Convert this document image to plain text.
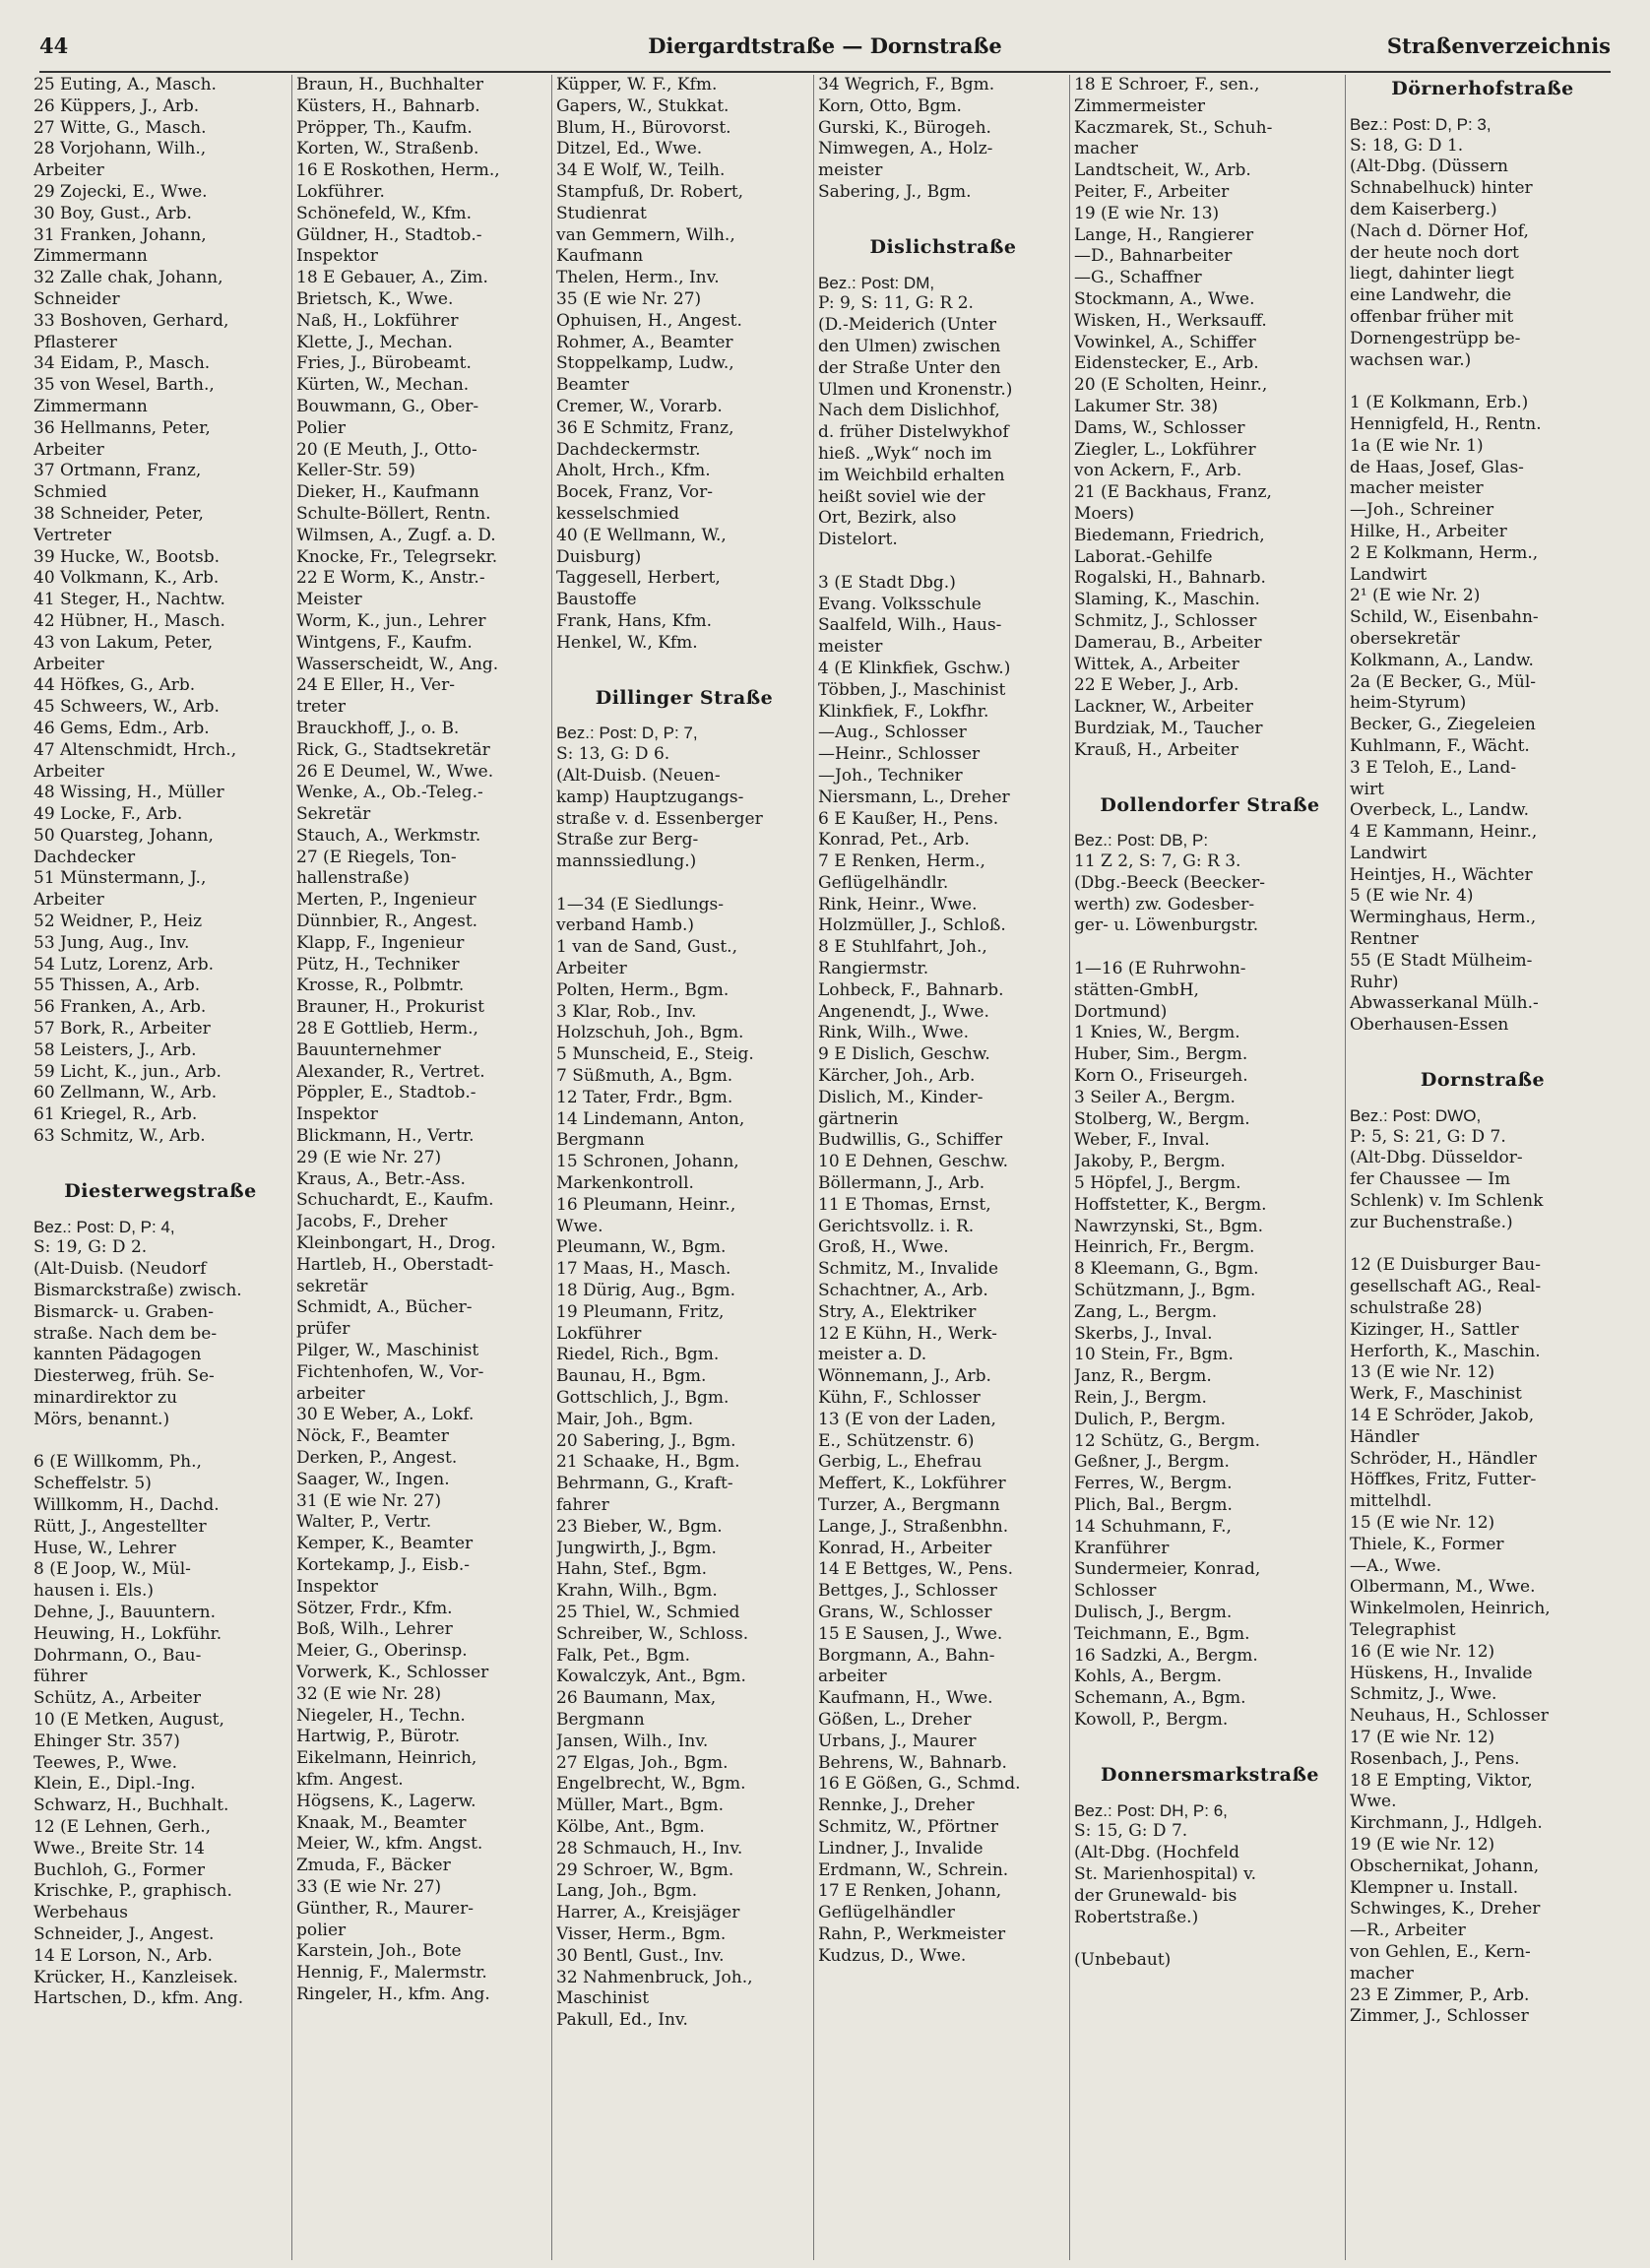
44	Diergardtstraße — Dornstraße	Straßenverzeichnis
25 Euting, A., Masch.
26 Küppers, J., Arb.
27 Witte, G., Masch.
28 Vorjohann, Wilh.,
Arbeiter
29 Zojecki, E., Wwe.
30 Boy, Gust., Arb.
31 Franken, Johann,
Zimmermann
32 Zalle chak, Johann,
Schneider
33 Boshoven, Gerhard,
Pflasterer
34 Eidam, P., Masch.
35 von Wesel, Barth.,
Zimmermann
36 Hellmanns, Peter,
Arbeiter
37 Ortmann, Franz,
Schmied
38 Schneider, Peter,
Vertreter
39 Hucke, W., Bootsb.
40 Volkmann, K., Arb.
41 Steger, H., Nachtw.
42 Hübner, H., Masch.
43 von Lakum, Peter,
Arbeiter
44 Höfkes, G., Arb.
45 Schweers, W., Arb.
46 Gems, Edm., Arb.
47 Altenschmidt, Hrch.,
Arbeiter
48 Wissing, H., Müller
49 Locke, F., Arb.
50 Quarsteg, Johann,
Dachdecker
51 Münstermann, J.,
Arbeiter
52 Weidner, P., Heiz
53 Jung, Aug., Inv.
54 Lutz, Lorenz, Arb.
55 Thissen, A., Arb.
56 Franken, A., Arb.
57 Bork, R., Arbeiter
58 Leisters, J., Arb.
59 Licht, K., jun., Arb.
60 Zellmann, W., Arb.
61 Kriegel, R., Arb.
63 Schmitz, W., Arb.
Diesterwegstraße
Bez.: Post: D, P: 4,
S: 19, G: D 2.
(Alt-Duisb. (Neudorf
Bismarckstraße) zwisch.
Bismarck- u. Graben-
straße. Nach dem be-
kannten Pädagogen
Diesterweg, früh. Se-
minardirektor zu
Mörs, benannt.)

6 (E Willkomm, Ph.,
Scheffelstr. 5)
Willkomm, H., Dachd.
Rütt, J., Angestellter
Huse, W., Lehrer
8 (E Joop, W., Mül-
hausen i. Els.)
Dehne, J., Bauuntern.
Heuwing, H., Lokführ.
Dohrmann, O., Bau-
führer
Schütz, A., Arbeiter
10 (E Metken, August,
Ehinger Str. 357)
Teewes, P., Wwe.
Klein, E., Dipl.-Ing.
Schwarz, H., Buchhalt.
12 (E Lehnen, Gerh.,
Wwe., Breite Str. 14
Buchloh, G., Former
Krischke, P., graphisch.
Werbehaus
Schneider, J., Angest.
14 E Lorson, N., Arb.
Krücker, H., Kanzleisek.
Hartschen, D., kfm. Ang.
Braun, H., Buchhalter
Küsters, H., Bahnarb.
Pröpper, Th., Kaufm.
Korten, W., Straßenb.
16 E Roskothen, Herm.,
Lokführer.
Schönefeld, W., Kfm.
Güldner, H., Stadtob.-
Inspektor
18 E Gebauer, A., Zim.
Brietsch, K., Wwe.
Naß, H., Lokführer
Klette, J., Mechan.
Fries, J., Bürobeamt.
Kürten, W., Mechan.
Bouwmann, G., Ober-
Polier
20 (E Meuth, J., Otto-
Keller-Str. 59)
Dieker, H., Kaufmann
Schulte-Böllert, Rentn.
Wilmsen, A., Zugf. a. D.
Knocke, Fr., Telegrsekr.
22 E Worm, K., Anstr.-
Meister
Worm, K., jun., Lehrer
Wintgens, F., Kaufm.
Wasserscheidt, W., Ang.
24 E Eller, H., Ver-
treter
Brauckhoff, J., o. B.
Rick, G., Stadtsekretär
26 E Deumel, W., Wwe.
Wenke, A., Ob.-Teleg.-
Sekretär
Stauch, A., Werkmstr.
27 (E Riegels, Ton-
hallenstraße)
Merten, P., Ingenieur
Dünnbier, R., Angest.
Klapp, F., Ingenieur
Pütz, H., Techniker
Krosse, R., Polbmtr.
Brauner, H., Prokurist
28 E Gottlieb, Herm.,
Bauunternehmer
Alexander, R., Vertret.
Pöppler, E., Stadtob.-
Inspektor
Blickmann, H., Vertr.
29 (E wie Nr. 27)
Kraus, A., Betr.-Ass.
Schuchardt, E., Kaufm.
Jacobs, F., Dreher
Kleinbongart, H., Drog.
Hartleb, H., Oberstadt-
sekretär
Schmidt, A., Bücher-
prüfer
Pilger, W., Maschinist
Fichtenhofen, W., Vor-
arbeiter
30 E Weber, A., Lokf.
Nöck, F., Beamter
Derken, P., Angest.
Saager, W., Ingen.
31 (E wie Nr. 27)
Walter, P., Vertr.
Kemper, K., Beamter
Kortekamp, J., Eisb.-
Inspektor
Sötzer, Frdr., Kfm.
Boß, Wilh., Lehrer
Meier, G., Oberinsp.
Vorwerk, K., Schlosser
32 (E wie Nr. 28)
Niegeler, H., Techn.
Hartwig, P., Bürotr.
Eikelmann, Heinrich,
kfm. Angest.
Högsens, K., Lagerw.
Knaak, M., Beamter
Meier, W., kfm. Angst.
Zmuda, F., Bäcker
33 (E wie Nr. 27)
Günther, R., Maurer-
polier
Karstein, Joh., Bote
Hennig, F., Malermstr.
Ringeler, H., kfm. Ang.
Küpper, W. F., Kfm.
Gapers, W., Stukkat.
Blum, H., Bürovorst.
Ditzel, Ed., Wwe.
34 E Wolf, W., Teilh.
Stampfuß, Dr. Robert,
Studienrat
van Gemmern, Wilh.,
Kaufmann
Thelen, Herm., Inv.
35 (E wie Nr. 27)
Ophuisen, H., Angest.
Rohmer, A., Beamter
Stoppelkamp, Ludw.,
Beamter
Cremer, W., Vorarb.
36 E Schmitz, Franz,
Dachdeckermstr.
Aholt, Hrch., Kfm.
Bocek, Franz, Vor-
kesselschmied
40 (E Wellmann, W.,
Duisburg)
Taggesell, Herbert,
Baustoffe
Frank, Hans, Kfm.
Henkel, W., Kfm.
Dillinger Straße
Bez.: Post: D, P: 7,
S: 13, G: D 6.
(Alt-Duisb. (Neuen-
kamp) Hauptzugangs-
straße v. d. Essenberger
Straße zur Berg-
mannssiedlung.)

1—34 (E Siedlungs-
verband Hamb.)
1 van de Sand, Gust.,
Arbeiter
Polten, Herm., Bgm.
3 Klar, Rob., Inv.
Holzschuh, Joh., Bgm.
5 Munscheid, E., Steig.
7 Süßmuth, A., Bgm.
12 Tater, Frdr., Bgm.
14 Lindemann, Anton,
Bergmann
15 Schronen, Johann,
Markenkontroll.
16 Pleumann, Heinr.,
Wwe.
Pleumann, W., Bgm.
17 Maas, H., Masch.
18 Dürig, Aug., Bgm.
19 Pleumann, Fritz,
Lokführer
Riedel, Rich., Bgm.
Baunau, H., Bgm.
Gottschlich, J., Bgm.
Mair, Joh., Bgm.
20 Sabering, J., Bgm.
21 Schaake, H., Bgm.
Behrmann, G., Kraft-
fahrer
23 Bieber, W., Bgm.
Jungwirth, J., Bgm.
Hahn, Stef., Bgm.
Krahn, Wilh., Bgm.
25 Thiel, W., Schmied
Schreiber, W., Schloss.
Falk, Pet., Bgm.
Kowalczyk, Ant., Bgm.
26 Baumann, Max,
Bergmann
Jansen, Wilh., Inv.
27 Elgas, Joh., Bgm.
Engelbrecht, W., Bgm.
Müller, Mart., Bgm.
Kölbe, Ant., Bgm.
28 Schmauch, H., Inv.
29 Schroer, W., Bgm.
Lang, Joh., Bgm.
Harrer, A., Kreisjäger
Visser, Herm., Bgm.
30 Bentl, Gust., Inv.
32 Nahmenbruck, Joh.,
Maschinist
Pakull, Ed., Inv.
34 Wegrich, F., Bgm.
Korn, Otto, Bgm.
Gurski, K., Bürogeh.
Nimwegen, A., Holz-
meister
Sabering, J., Bgm.
Dislichstraße
Bez.: Post: DM,
P: 9, S: 11, G: R 2.
(D.-Meiderich (Unter
den Ulmen) zwischen
der Straße Unter den
Ulmen und Kronenstr.)
Nach dem Dislichhof,
d. früher Distelwykhof
hieß. „Wyk“ noch im
im Weichbild erhalten
heißt soviel wie der
Ort, Bezirk, also
Distelort.

3 (E Stadt Dbg.)
Evang. Volksschule
Saalfeld, Wilh., Haus-
meister
4 (E Klinkfiek, Gschw.)
Többen, J., Maschinist
Klinkfiek, F., Lokfhr.
—Aug., Schlosser
—Heinr., Schlosser
—Joh., Techniker
Niersmann, L., Dreher
6 E Kaußer, H., Pens.
Konrad, Pet., Arb.
7 E Renken, Herm.,
Geflügelhändlr.
Rink, Heinr., Wwe.
Holzmüller, J., Schloß.
8 E Stuhlfahrt, Joh.,
Rangiermstr.
Lohbeck, F., Bahnarb.
Angenendt, J., Wwe.
Rink, Wilh., Wwe.
9 E Dislich, Geschw.
Kärcher, Joh., Arb.
Dislich, M., Kinder-
gärtnerin
Budwillis, G., Schiffer
10 E Dehnen, Geschw.
Böllermann, J., Arb.
11 E Thomas, Ernst,
Gerichtsvollz. i. R.
Groß, H., Wwe.
Schmitz, M., Invalide
Schachtner, A., Arb.
Stry, A., Elektriker
12 E Kühn, H., Werk-
meister a. D.
Wönnemann, J., Arb.
Kühn, F., Schlosser
13 (E von der Laden,
E., Schützenstr. 6)
Gerbig, L., Ehefrau
Meffert, K., Lokführer
Turzer, A., Bergmann
Lange, J., Straßenbhn.
Konrad, H., Arbeiter
14 E Bettges, W., Pens.
Bettges, J., Schlosser
Grans, W., Schlosser
15 E Sausen, J., Wwe.
Borgmann, A., Bahn-
arbeiter
Kaufmann, H., Wwe.
Gößen, L., Dreher
Urbans, J., Maurer
Behrens, W., Bahnarb.
16 E Gößen, G., Schmd.
Rennke, J., Dreher
Schmitz, W., Pförtner
Lindner, J., Invalide
Erdmann, W., Schrein.
17 E Renken, Johann,
Geflügelhändler
Rahn, P., Werkmeister
Kudzus, D., Wwe.
18 E Schroer, F., sen.,
Zimmermeister
Kaczmarek, St., Schuh-
macher
Landtscheit, W., Arb.
Peiter, F., Arbeiter
19 (E wie Nr. 13)
Lange, H., Rangierer
—D., Bahnarbeiter
—G., Schaffner
Stockmann, A., Wwe.
Wisken, H., Werksauff.
Vowinkel, A., Schiffer
Eidenstecker, E., Arb.
20 (E Scholten, Heinr.,
Lakumer Str. 38)
Dams, W., Schlosser
Ziegler, L., Lokführer
von Ackern, F., Arb.
21 (E Backhaus, Franz,
Moers)
Biedemann, Friedrich,
Laborat.-Gehilfe
Rogalski, H., Bahnarb.
Slaming, K., Maschin.
Schmitz, J., Schlosser
Damerau, B., Arbeiter
Wittek, A., Arbeiter
22 E Weber, J., Arb.
Lackner, W., Arbeiter
Burdziak, M., Taucher
Krauß, H., Arbeiter
Dollendorfer Straße
Bez.: Post: DB, P:
11 Z 2, S: 7, G: R 3.
(Dbg.-Beeck (Beecker-
werth) zw. Godesber-
ger- u. Löwenburgstr.

1—16 (E Ruhrwohn-
stätten-GmbH,
Dortmund)
1 Knies, W., Bergm.
Huber, Sim., Bergm.
Korn O., Friseurgeh.
3 Seiler A., Bergm.
Stolberg, W., Bergm.
Weber, F., Inval.
Jakoby, P., Bergm.
5 Höpfel, J., Bergm.
Hoffstetter, K., Bergm.
Nawrzynski, St., Bgm.
Heinrich, Fr., Bergm.
8 Kleemann, G., Bgm.
Schützmann, J., Bgm.
Zang, L., Bergm.
Skerbs, J., Inval.
10 Stein, Fr., Bgm.
Janz, R., Bergm.
Rein, J., Bergm.
Dulich, P., Bergm.
12 Schütz, G., Bergm.
Geßner, J., Bergm.
Ferres, W., Bergm.
Plich, Bal., Bergm.
14 Schuhmann, F.,
Kranführer
Sundermeier, Konrad,
Schlosser
Dulisch, J., Bergm.
Teichmann, E., Bgm.
16 Sadzki, A., Bergm.
Kohls, A., Bergm.
Schemann, A., Bgm.
Kowoll, P., Bergm.
Donnersmarkstraße
Bez.: Post: DH, P: 6,
S: 15, G: D 7.
(Alt-Dbg. (Hochfeld
St. Marienhospital) v.
der Grunewald- bis
Robertstraße.)

(Unbebaut)
Dörnerhofstraße
Bez.: Post: D, P: 3,
S: 18, G: D 1.
(Alt-Dbg. (Düssern
Schnabelhuck) hinter
dem Kaiserberg.)
(Nach d. Dörner Hof,
der heute noch dort
liegt, dahinter liegt
eine Landwehr, die
offenbar früher mit
Dornengestrüpp be-
wachsen war.)

1 (E Kolkmann, Erb.)
Hennigfeld, H., Rentn.
1a (E wie Nr. 1)
de Haas, Josef, Glas-
macher meister
—Joh., Schreiner
Hilke, H., Arbeiter
2 E Kolkmann, Herm.,
Landwirt
2¹ (E wie Nr. 2)
Schild, W., Eisenbahn-
obersekretär
Kolkmann, A., Landw.
2a (E Becker, G., Mül-
heim-Styrum)
Becker, G., Ziegeleien
Kuhlmann, F., Wächt.
3 E Teloh, E., Land-
wirt
Overbeck, L., Landw.
4 E Kammann, Heinr.,
Landwirt
Heintjes, H., Wächter
5 (E wie Nr. 4)
Werminghaus, Herm.,
Rentner
55 (E Stadt Mülheim-
Ruhr)
Abwasserkanal Mülh.-
Oberhausen-Essen
Dornstraße
Bez.: Post: DWO,
P: 5, S: 21, G: D 7.
(Alt-Dbg. Düsseldor-
fer Chaussee — Im
Schlenk) v. Im Schlenk
zur Buchenstraße.)

12 (E Duisburger Bau-
gesellschaft AG., Real-
schulstraße 28)
Kizinger, H., Sattler
Herforth, K., Maschin.
13 (E wie Nr. 12)
Werk, F., Maschinist
14 E Schröder, Jakob,
Händler
Schröder, H., Händler
Höffkes, Fritz, Futter-
mittelhdl.
15 (E wie Nr. 12)
Thiele, K., Former
—A., Wwe.
Olbermann, M., Wwe.
Winkelmolen, Heinrich,
Telegraphist
16 (E wie Nr. 12)
Hüskens, H., Invalide
Schmitz, J., Wwe.
Neuhaus, H., Schlosser
17 (E wie Nr. 12)
Rosenbach, J., Pens.
18 E Empting, Viktor,
Wwe.
Kirchmann, J., Hdlgeh.
19 (E wie Nr. 12)
Obschernikat, Johann,
Klempner u. Install.
Schwinges, K., Dreher
—R., Arbeiter
von Gehlen, E., Kern-
macher
23 E Zimmer, P., Arb.
Zimmer, J., Schlosser
